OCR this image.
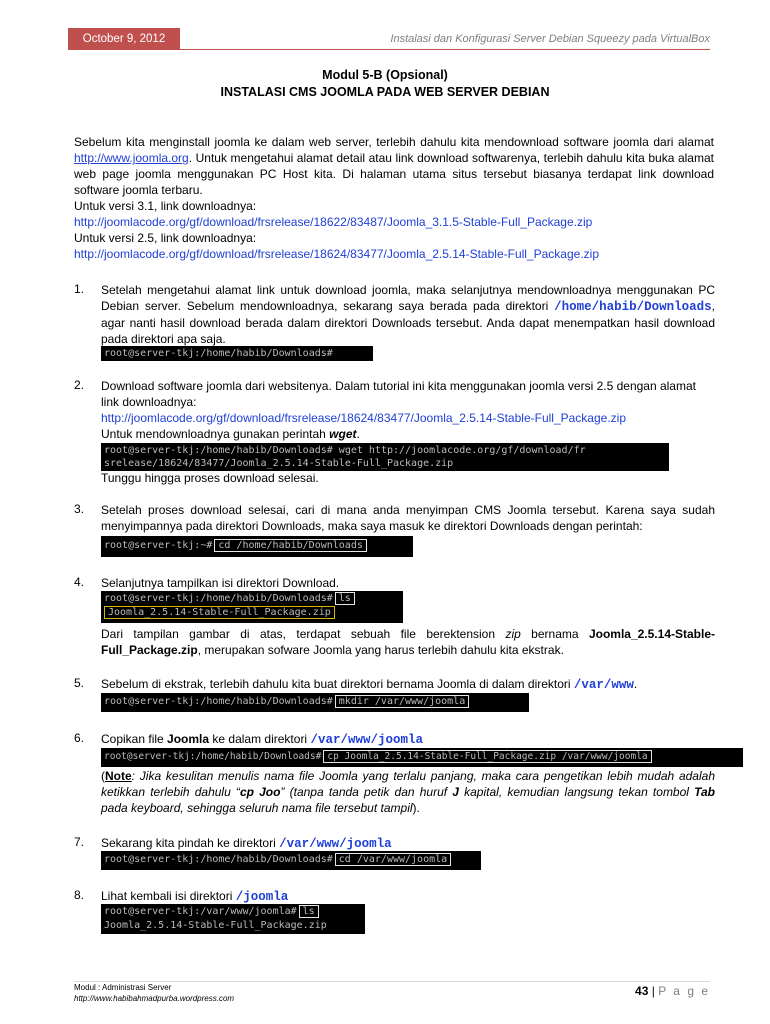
October 9, 2012	Instalasi dan Konfigurasi Server Debian Squeezy pada VirtualBox
Modul 5-B (Opsional)
INSTALASI CMS JOOMLA PADA WEB SERVER DEBIAN
Sebelum kita menginstall joomla ke dalam web server, terlebih dahulu kita mendownload software joomla dari alamat http://www.joomla.org. Untuk mengetahui alamat detail atau link download softwarenya, terlebih dahulu kita buka alamat web page joomla menggunakan PC Host kita. Di halaman utama situs tersebut biasanya terdapat link download software joomla terbaru.
Untuk versi 3.1, link downloadnya:
http://joomlacode.org/gf/download/frsrelease/18622/83487/Joomla_3.1.5-Stable-Full_Package.zip
Untuk versi 2.5, link downloadnya:
http://joomlacode.org/gf/download/frsrelease/18624/83477/Joomla_2.5.14-Stable-Full_Package.zip
1. Setelah mengetahui alamat link untuk download joomla, maka selanjutnya mendownloadnya menggunakan PC Debian server. Sebelum mendownloadnya, sekarang saya berada pada direktori /home/habib/Downloads, agar nanti hasil download berada dalam direktori Downloads tersebut. Anda dapat menempatkan hasil download pada direktori apa saja.
root@server-tkj:/home/habib/Downloads#
2. Download software joomla dari websitenya. Dalam tutorial ini kita menggunakan joomla versi 2.5 dengan alamat link downloadnya:
http://joomlacode.org/gf/download/frsrelease/18624/83477/Joomla_2.5.14-Stable-Full_Package.zip
Untuk mendownloadnya gunakan perintah wget.
root@server-tkj:/home/habib/Downloads# wget http://joomlacode.org/gf/download/fr
srelease/18624/83477/Joomla_2.5.14-Stable-Full_Package.zip
Tunggu hingga proses download selesai.
3. Setelah proses download selesai, cari di mana anda menyimpan CMS Joomla tersebut. Karena saya sudah menyimpannya pada direktori Downloads, maka saya masuk ke direktori Downloads dengan perintah:
root@server-tkj:~# cd /home/habib/Downloads
4. Selanjutnya tampilkan isi direktori Download.
root@server-tkj:/home/habib/Downloads# ls
Joomla_2.5.14-Stable-Full_Package.zip
Dari tampilan gambar di atas, terdapat sebuah file berektension zip bernama Joomla_2.5.14-Stable-Full_Package.zip, merupakan sofware Joomla yang harus terlebih dahulu kita ekstrak.
5. Sebelum di ekstrak, terlebih dahulu kita buat direktori bernama Joomla di dalam direktori /var/www.
root@server-tkj:/home/habib/Downloads# mkdir /var/www/joomla
6. Copikan file Joomla ke dalam direktori /var/www/joomla
root@server-tkj:/home/habib/Downloads# cp Joomla_2.5.14-Stable-Full_Package.zip /var/www/joomla
(Note: Jika kesulitan menulis nama file Joomla yang terlalu panjang, maka cara pengetikan lebih mudah adalah ketikkan terlebih dahulu “cp Joo” (tanpa tanda petik dan huruf J kapital, kemudian langsung tekan tombol Tab pada keyboard, sehingga seluruh nama file tersebut tampil).
7. Sekarang kita pindah ke direktori /var/www/joomla
root@server-tkj:/home/habib/Downloads# cd /var/www/joomla
8. Lihat kembali isi direktori /joomla
root@server-tkj:/var/www/joomla# ls
Joomla_2.5.14-Stable-Full_Package.zip
Modul : Administrasi Server
http://www.habibahmadpurba.wordpress.com
43 | P a g e
